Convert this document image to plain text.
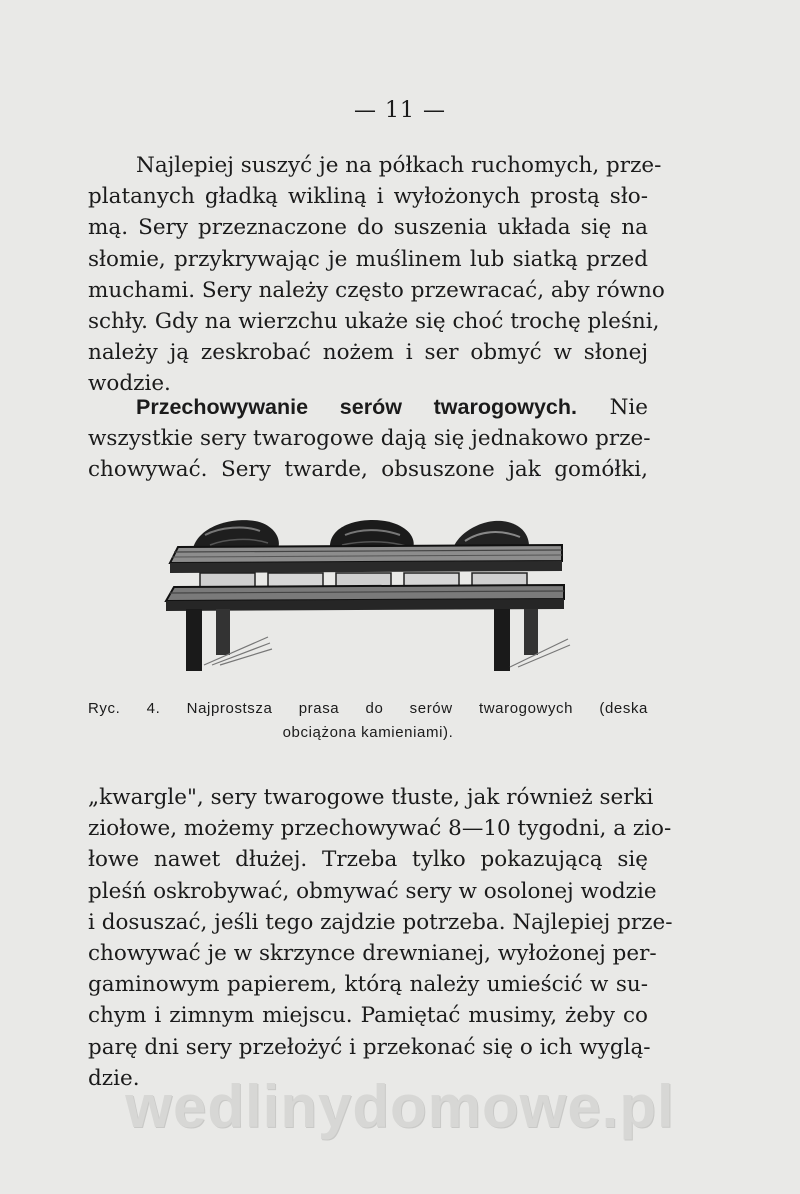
— 11 —
Najlepiej suszyć je na półkach ruchomych, prze-
platanych gładką wikliną i wyłożonych prostą sło-
mą. Sery przeznaczone do suszenia układa się na
słomie, przykrywając je muślinem lub siatką przed
muchami. Sery należy często przewracać, aby równo
schły. Gdy na wierzchu ukaże się choć trochę pleśni,
należy ją zeskrobać nożem i ser obmyć w słonej
wodzie.
Przechowywanie serów twarogowych. Nie
wszystkie sery twarogowe dają się jednakowo prze-
chowywać. Sery twarde, obsuszone jak gomółki,
Ryc. 4. Najprostsza prasa do serów twarogowych (deska
obciążona kamieniami).
„kwargle", sery twarogowe tłuste, jak również serki
ziołowe, możemy przechowywać 8—10 tygodni, a zio-
łowe nawet dłużej. Trzeba tylko pokazującą się
pleśń oskrobywać, obmywać sery w osolonej wodzie
i dosuszać, jeśli tego zajdzie potrzeba. Najlepiej prze-
chowywać je w skrzynce drewnianej, wyłożonej per-
gaminowym papierem, którą należy umieścić w su-
chym i zimnym miejscu. Pamiętać musimy, żeby co
parę dni sery przełożyć i przekonać się o ich wyglą-
dzie.
wedlinydomowe.pl
